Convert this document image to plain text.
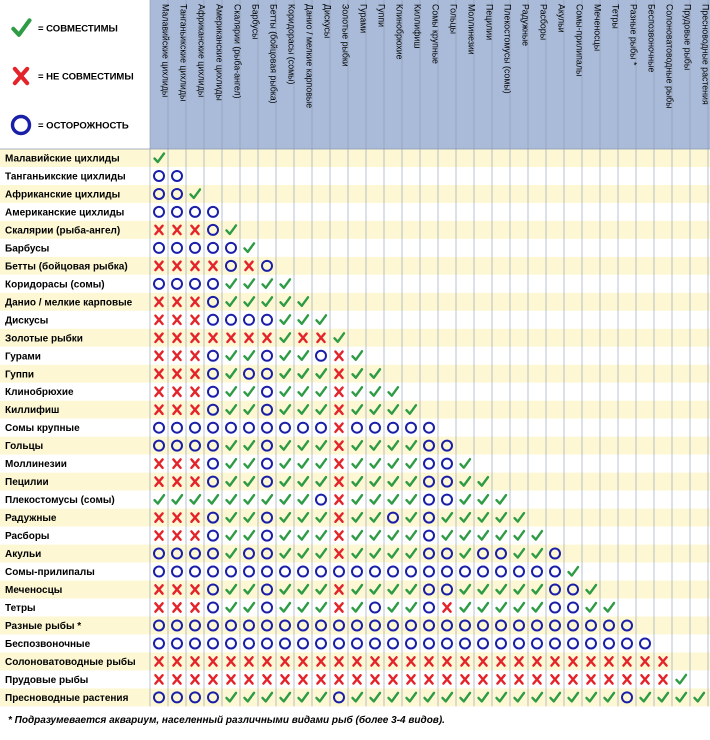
= СОВМЕСТИМЫ
= НЕ СОВМЕСТИМЫ
= ОСТОРОЖНОСТЬ
Малавийские цихлиды Танганьикские цихлиды Африканские цихлиды Американские цихлиды Скалярии (рыба-ангел) Барбусы Бетты (бойцовая рыбка) Коридорасы (сомы) Данио / мелкие карповые Дискусы Золотые рыбки Гурами Гуппи Клинобрюхие Киллифиш Сомы крупные Гольцы Моллинезии Пецилии Плекостомусы (сомы) Радужные Расборы Акульи Сомы-прилипалы Меченосцы Тетры Разные рыбы * Беспозвоночные Солоноватоводные рыбы Прудовые рыбы Пресноводные растения
Малавийские цихлиды
Танганьикские цихлиды
Африканские цихлиды
Американские цихлиды
Скалярии (рыба-ангел)
Барбусы
Бетты (бойцовая рыбка)
Коридорасы (сомы)
Данио / мелкие карповые
Дискусы
Золотые рыбки
Гурами
Гуппи
Клинобрюхие
Киллифиш
Сомы крупные
Гольцы
Моллинезии
Пецилии
Плекостомусы (сомы)
Радужные
Расборы
Акульи
Сомы-прилипалы
Меченосцы
Тетры
Разные рыбы *
Беспозвоночные
Солоноватоводные рыбы
Прудовые рыбы
Пресноводные растения
* Подразумевается аквариум, населенный различными видами рыб (более 3-4 видов).
